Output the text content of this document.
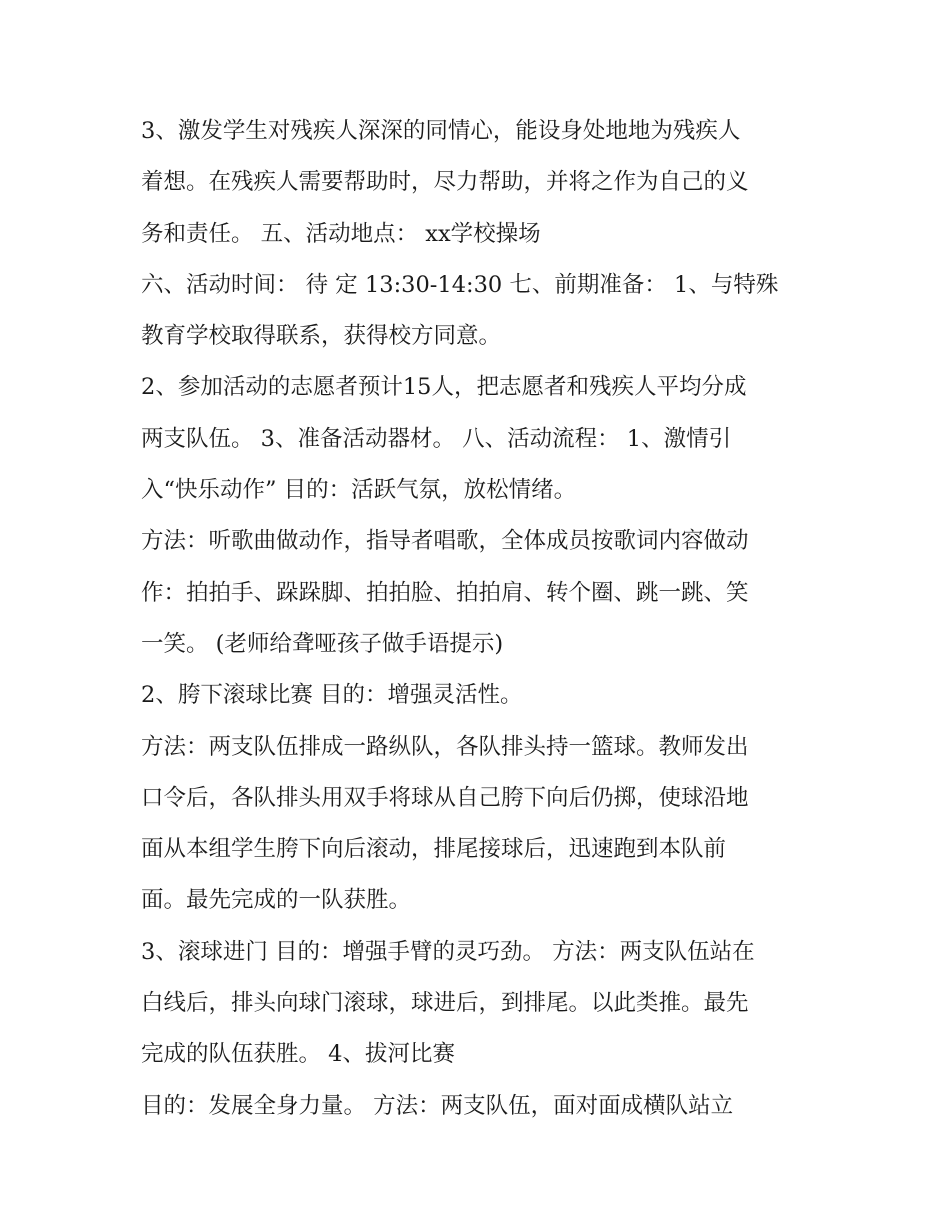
3、激发学生对残疾人深深的同情心，能设身处地地为残疾人
着想。在残疾人需要帮助时，尽力帮助，并将之作为自己的义
务和责任。 五、活动地点： xx学校操场
六、活动时间： 待 定 13:30-14:30 七、前期准备： 1、与特殊
教育学校取得联系，获得校方同意。
2、参加活动的志愿者预计15人，把志愿者和残疾人平均分成
两支队伍。 3、准备活动器材。 八、活动流程： 1、激情引
入“快乐动作” 目的：活跃气氛，放松情绪。
方法：听歌曲做动作，指导者唱歌，全体成员按歌词内容做动
作：拍拍手、跺跺脚、拍拍脸、拍拍肩、转个圈、跳一跳、笑
一笑。 (老师给聋哑孩子做手语提示)
2、胯下滚球比赛 目的：增强灵活性。
方法：两支队伍排成一路纵队，各队排头持一篮球。教师发出
口令后，各队排头用双手将球从自己胯下向后仍掷，使球沿地
面从本组学生胯下向后滚动，排尾接球后，迅速跑到本队前
面。最先完成的一队获胜。
3、滚球进门 目的：增强手臂的灵巧劲。 方法：两支队伍站在
白线后，排头向球门滚球，球进后，到排尾。以此类推。最先
完成的队伍获胜。 4、拔河比赛
目的：发展全身力量。 方法：两支队伍，面对面成横队站立
